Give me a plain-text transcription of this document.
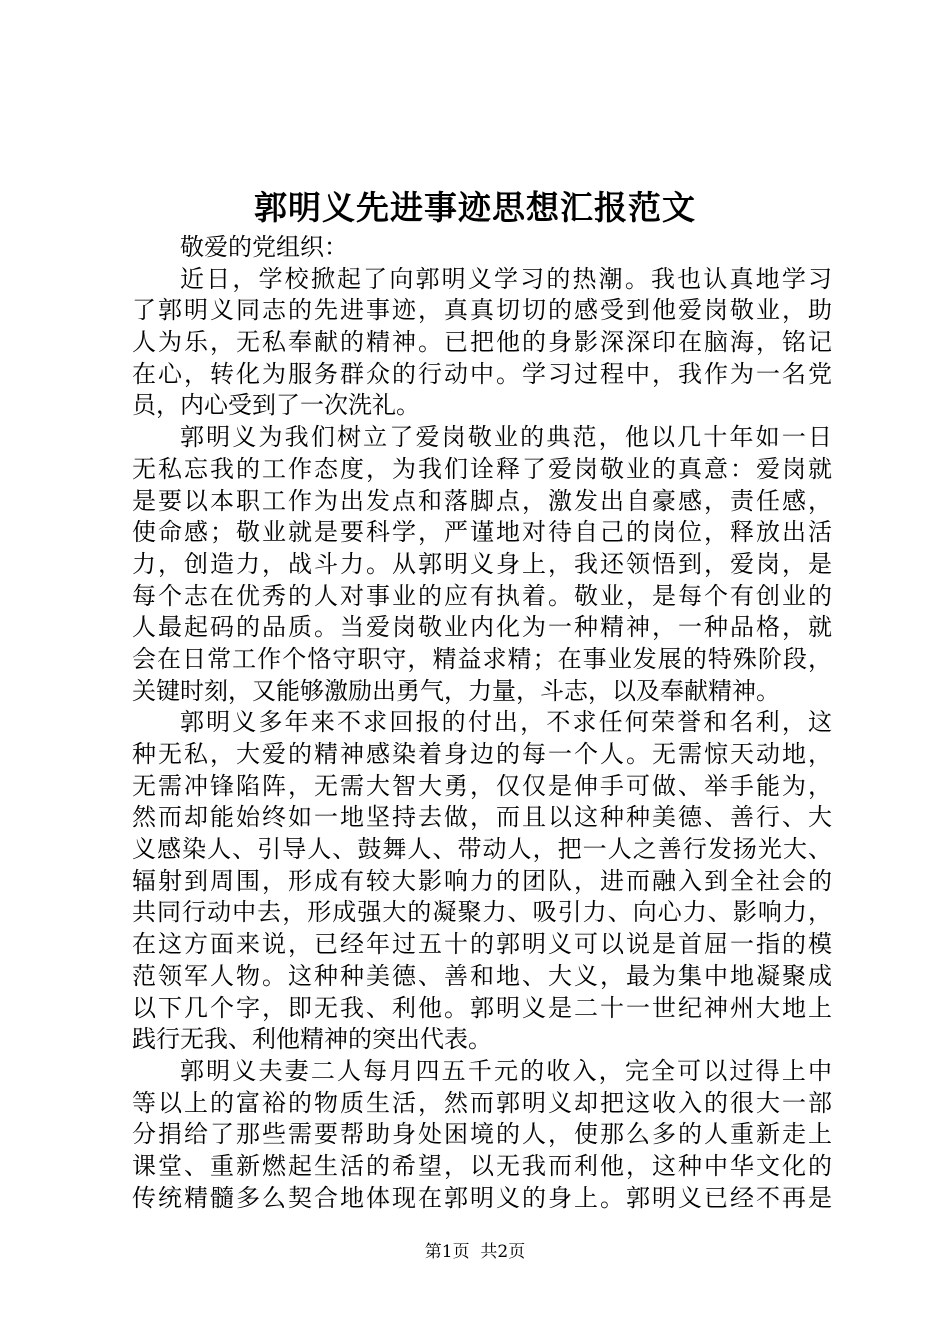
郭明义先进事迹思想汇报范文
敬爱的党组织：
近日，学校掀起了向郭明义学习的热潮。我也认真地学习
了郭明义同志的先进事迹，真真切切的感受到他爱岗敬业，助
人为乐，无私奉献的精神。已把他的身影深深印在脑海，铭记
在心，转化为服务群众的行动中。学习过程中，我作为一名党
员，内心受到了一次洗礼。
郭明义为我们树立了爱岗敬业的典范，他以几十年如一日
无私忘我的工作态度，为我们诠释了爱岗敬业的真意：爱岗就
是要以本职工作为出发点和落脚点，激发出自豪感，责任感，
使命感；敬业就是要科学，严谨地对待自己的岗位，释放出活
力，创造力，战斗力。从郭明义身上，我还领悟到，爱岗，是
每个志在优秀的人对事业的应有执着。敬业，是每个有创业的
人最起码的品质。当爱岗敬业内化为一种精神，一种品格，就
会在日常工作个恪守职守，精益求精；在事业发展的特殊阶段，
关键时刻，又能够激励出勇气，力量，斗志，以及奉献精神。
郭明义多年来不求回报的付出，不求任何荣誉和名利，这
种无私，大爱的精神感染着身边的每一个人。无需惊天动地，
无需冲锋陷阵，无需大智大勇，仅仅是伸手可做、举手能为，
然而却能始终如一地坚持去做，而且以这种种美德、善行、大
义感染人、引导人、鼓舞人、带动人，把一人之善行发扬光大、
辐射到周围，形成有较大影响力的团队，进而融入到全社会的
共同行动中去，形成强大的凝聚力、吸引力、向心力、影响力，
在这方面来说，已经年过五十的郭明义可以说是首屈一指的模
范领军人物。这种种美德、善和地、大义，最为集中地凝聚成
以下几个字，即无我、利他。郭明义是二十一世纪神州大地上
践行无我、利他精神的突出代表。
郭明义夫妻二人每月四五千元的收入，完全可以过得上中
等以上的富裕的物质生活，然而郭明义却把这收入的很大一部
分捐给了那些需要帮助身处困境的人，使那么多的人重新走上
课堂、重新燃起生活的希望，以无我而利他，这种中华文化的
传统精髓多么契合地体现在郭明义的身上。郭明义已经不再是
第1页  共2页
